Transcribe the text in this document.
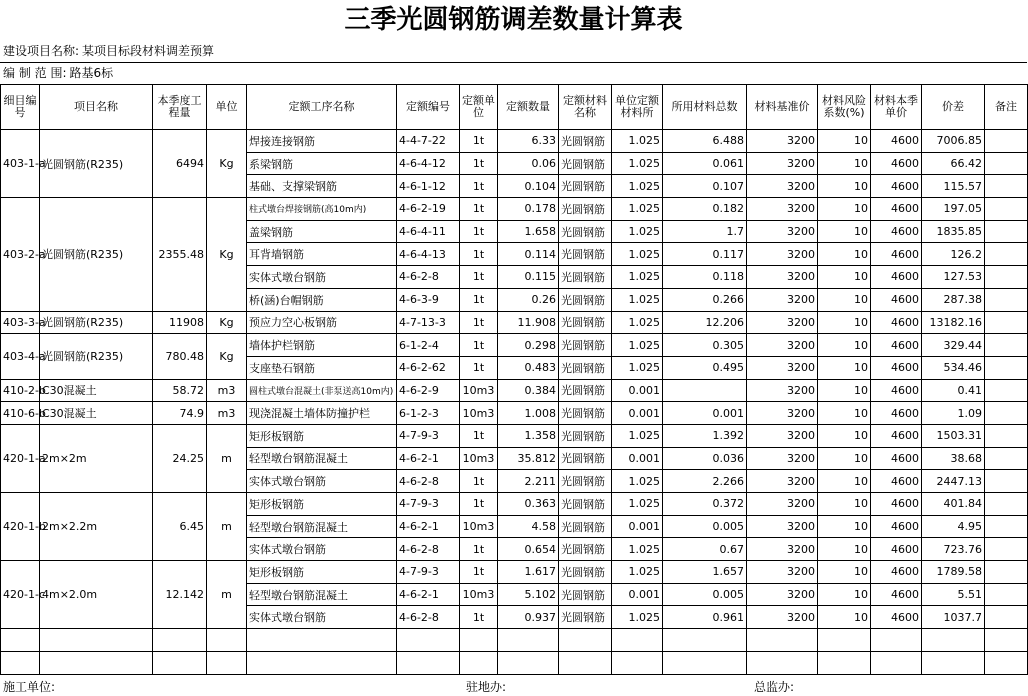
三季光圆钢筋调差数量计算表
建设项目名称: 某项目标段材料调差预算
编 制 范 围: 路基6标
细目编号	项目名称	本季度工程量	单位	定额工序名称	定额编号	定额单位	定额数量	定额材料名称	单位定额材料所	所用材料总数	材料基准价	材料风险系数(%)	材料本季单价	价差	备注
403-1-a	光圆钢筋(R235)	6494	Kg	焊接连接钢筋	4-4-7-22	1t	6.33	光圆钢筋	1.025	6.488	3200	10	4600	7006.85	
				系梁钢筋	4-6-4-12	1t	0.06	光圆钢筋	1.025	0.061	3200	10	4600	66.42	
				基础、支撑梁钢筋	4-6-1-12	1t	0.104	光圆钢筋	1.025	0.107	3200	10	4600	115.57	
403-2-a	光圆钢筋(R235)	2355.48	Kg	柱式墩台焊接钢筋(高10m内)	4-6-2-19	1t	0.178	光圆钢筋	1.025	0.182	3200	10	4600	197.05	
				盖梁钢筋	4-6-4-11	1t	1.658	光圆钢筋	1.025	1.7	3200	10	4600	1835.85	
				耳背墙钢筋	4-6-4-13	1t	0.114	光圆钢筋	1.025	0.117	3200	10	4600	126.2	
				实体式墩台钢筋	4-6-2-8	1t	0.115	光圆钢筋	1.025	0.118	3200	10	4600	127.53	
				桥(涵)台帽钢筋	4-6-3-9	1t	0.26	光圆钢筋	1.025	0.266	3200	10	4600	287.38	
403-3-a	光圆钢筋(R235)	11908	Kg	预应力空心板钢筋	4-7-13-3	1t	11.908	光圆钢筋	1.025	12.206	3200	10	4600	13182.16	
403-4-a	光圆钢筋(R235)	780.48	Kg	墙体护栏钢筋	6-1-2-4	1t	0.298	光圆钢筋	1.025	0.305	3200	10	4600	329.44	
				支座垫石钢筋	4-6-2-62	1t	0.483	光圆钢筋	1.025	0.495	3200	10	4600	534.46	
410-2-b	C30混凝土	58.72	m3	圆柱式墩台混凝土(非泵送高10m内)	4-6-2-9	10m3	0.384	光圆钢筋	0.001		3200	10	4600	0.41	
410-6-b	C30混凝土	74.9	m3	现浇混凝土墙体防撞护栏	6-1-2-3	10m3	1.008	光圆钢筋	0.001	0.001	3200	10	4600	1.09	
420-1-a	2m×2m	24.25	m	矩形板钢筋	4-7-9-3	1t	1.358	光圆钢筋	1.025	1.392	3200	10	4600	1503.31	
				轻型墩台钢筋混凝土	4-6-2-1	10m3	35.812	光圆钢筋	0.001	0.036	3200	10	4600	38.68	
				实体式墩台钢筋	4-6-2-8	1t	2.211	光圆钢筋	1.025	2.266	3200	10	4600	2447.13	
420-1-b	2m×2.2m	6.45	m	矩形板钢筋	4-7-9-3	1t	0.363	光圆钢筋	1.025	0.372	3200	10	4600	401.84	
				轻型墩台钢筋混凝土	4-6-2-1	10m3	4.58	光圆钢筋	0.001	0.005	3200	10	4600	4.95	
				实体式墩台钢筋	4-6-2-8	1t	0.654	光圆钢筋	1.025	0.67	3200	10	4600	723.76	
420-1-c	4m×2.0m	12.142	m	矩形板钢筋	4-7-9-3	1t	1.617	光圆钢筋	1.025	1.657	3200	10	4600	1789.58	
				轻型墩台钢筋混凝土	4-6-2-1	10m3	5.102	光圆钢筋	0.001	0.005	3200	10	4600	5.51	
				实体式墩台钢筋	4-6-2-8	1t	0.937	光圆钢筋	1.025	0.961	3200	10	4600	1037.7	

施工单位:	驻地办:	总监办:
